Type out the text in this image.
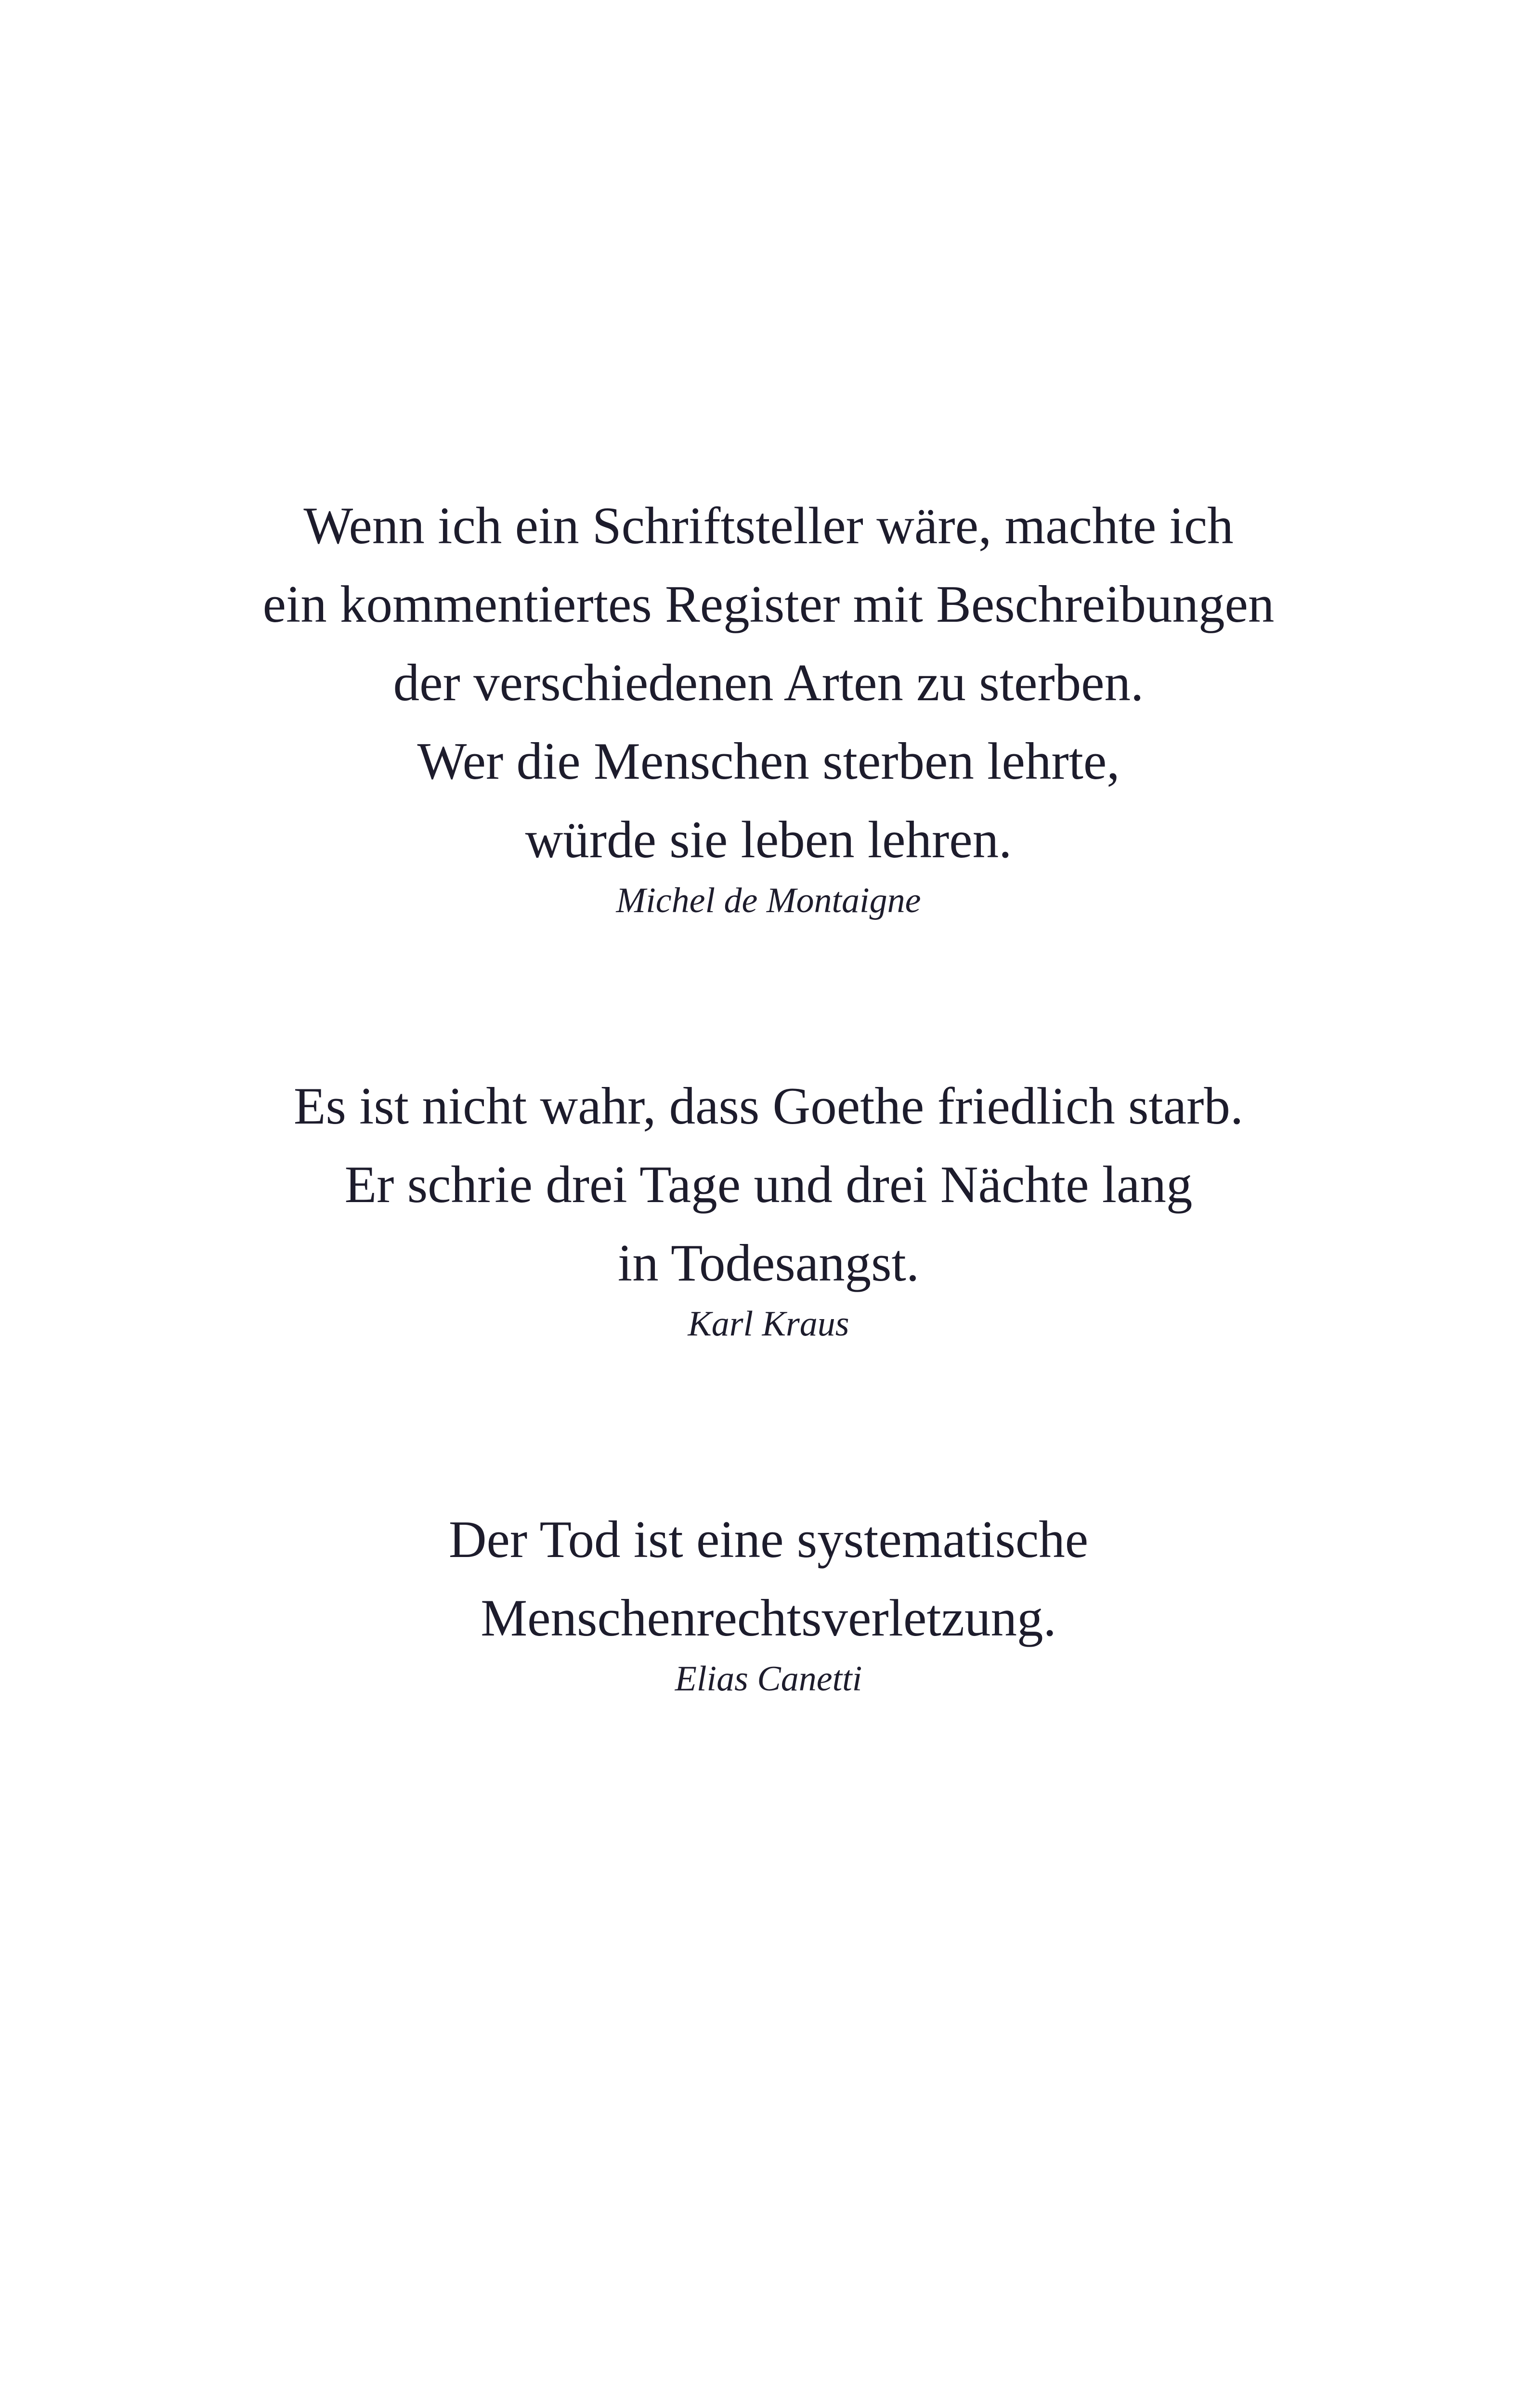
Wenn ich ein Schriftsteller wäre, machte ich
ein kommentiertes Register mit Beschreibungen
der verschiedenen Arten zu sterben.
Wer die Menschen sterben lehrte,
würde sie leben lehren.
Michel de Montaigne
Es ist nicht wahr, dass Goethe friedlich starb.
Er schrie drei Tage und drei Nächte lang
in Todesangst.
Karl Kraus
Der Tod ist eine systematische
Menschenrechtsverletzung.
Elias Canetti
